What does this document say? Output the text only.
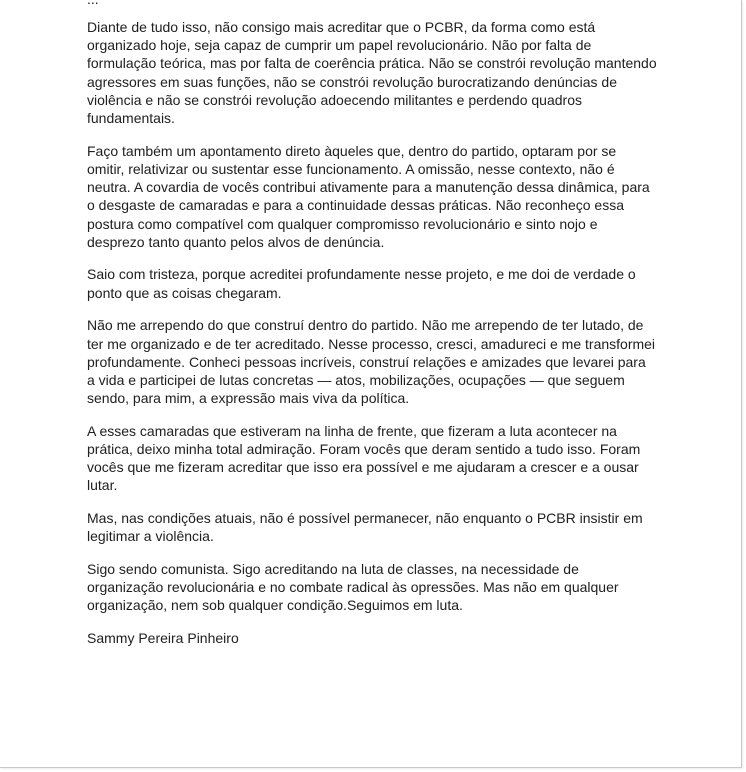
Diante de tudo isso, não consigo mais acreditar que o PCBR, da forma como está organizado hoje, seja capaz de cumprir um papel revolucionário. Não por falta de formulação teórica, mas por falta de coerência prática. Não se constrói revolução mantendo agressores em suas funções, não se constrói revolução burocratizando denúncias de violência e não se constrói revolução adoecendo militantes e perdendo quadros fundamentais.

Faço também um apontamento direto àqueles que, dentro do partido, optaram por se omitir, relativizar ou sustentar esse funcionamento. A omissão, nesse contexto, não é neutra. A covardia de vocês contribui ativamente para a manutenção dessa dinâmica, para o desgaste de camaradas e para a continuidade dessas práticas. Não reconheço essa postura como compatível com qualquer compromisso revolucionário e sinto nojo e desprezo tanto quanto pelos alvos de denúncia.

Saio com tristeza, porque acreditei profundamente nesse projeto, e me doi de verdade o ponto que as coisas chegaram.

Não me arrependo do que construí dentro do partido. Não me arrependo de ter lutado, de ter me organizado e de ter acreditado. Nesse processo, cresci, amadureci e me transformei profundamente. Conheci pessoas incríveis, construí relações e amizades que levarei para a vida e participei de lutas concretas — atos, mobilizações, ocupações — que seguem sendo, para mim, a expressão mais viva da política.

A esses camaradas que estiveram na linha de frente, que fizeram a luta acontecer na prática, deixo minha total admiração. Foram vocês que deram sentido a tudo isso. Foram vocês que me fizeram acreditar que isso era possível e me ajudaram a crescer e a ousar lutar.

Mas, nas condições atuais, não é possível permanecer, não enquanto o PCBR insistir em legitimar a violência.

Sigo sendo comunista. Sigo acreditando na luta de classes, na necessidade de organização revolucionária e no combate radical às opressões. Mas não em qualquer organização, nem sob qualquer condição.Seguimos em luta.

Sammy Pereira Pinheiro
